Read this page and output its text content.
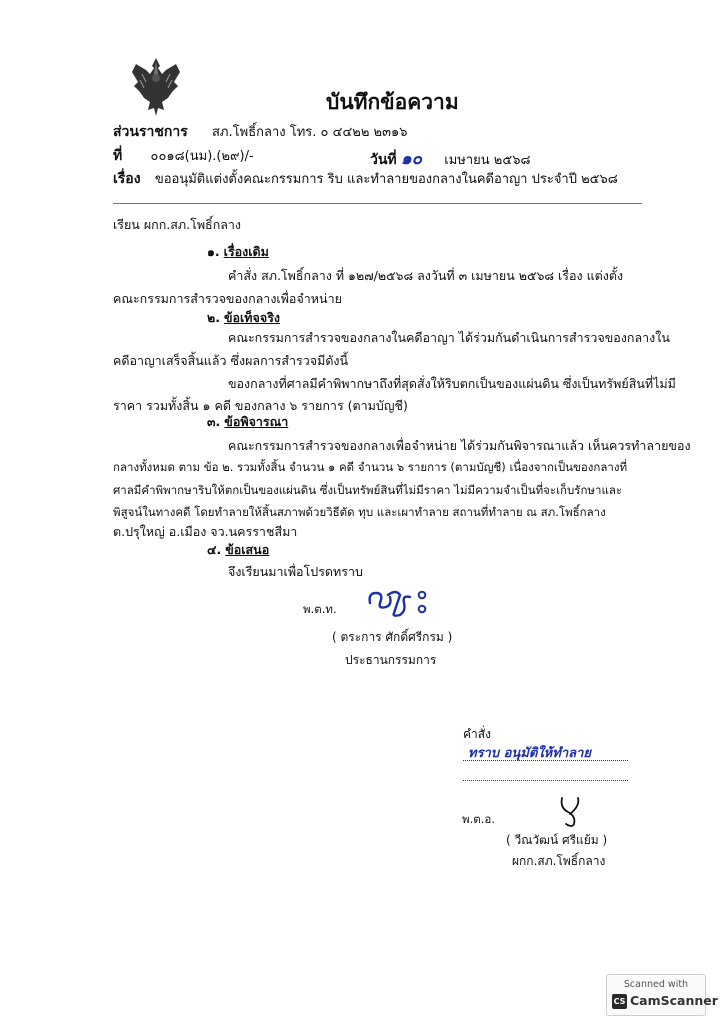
บันทึกข้อความ
ส่วนราชการ สภ.โพธิ์กลาง โทร. ๐ ๔๔๒๒ ๒๓๑๖
ที่ ๐๐๑๘(นม).(๒๙)/-	วันที่ ๑๐ เมษายน ๒๕๖๘
เรื่อง ขออนุมัติแต่งตั้งคณะกรรมการ ริบ และทำลายของกลางในคดีอาญา ประจำปี ๒๕๖๘
เรียน ผกก.สภ.โพธิ์กลาง
๑. เรื่องเดิม
คำสั่ง สภ.โพธิ์กลาง ที่ ๑๒๗/๒๕๖๘ ลงวันที่ ๓ เมษายน ๒๕๖๘ เรื่อง แต่งตั้ง
คณะกรรมการสำรวจของกลางเพื่อจำหน่าย
๒. ข้อเท็จจริง
คณะกรรมการสำรวจของกลางในคดีอาญา ได้ร่วมกันดำเนินการสำรวจของกลางใน
คดีอาญาเสร็จสิ้นแล้ว ซึ่งผลการสำรวจมีดังนี้
ของกลางที่ศาลมีคำพิพากษาถึงที่สุดสั่งให้ริบตกเป็นของแผ่นดิน ซึ่งเป็นทรัพย์สินที่ไม่มี
ราคา รวมทั้งสิ้น ๑ คดี ของกลาง ๖ รายการ (ตามบัญชี)
๓. ข้อพิจารณา
คณะกรรมการสำรวจของกลางเพื่อจำหน่าย ได้ร่วมกันพิจารณาแล้ว เห็นควรทำลายของ
กลางทั้งหมด ตาม ข้อ ๒. รวมทั้งสิ้น จำนวน ๑ คดี จำนวน ๖ รายการ (ตามบัญชี) เนื่องจากเป็นของกลางที่
ศาลมีคำพิพากษาริบให้ตกเป็นของแผ่นดิน ซึ่งเป็นทรัพย์สินที่ไม่มีราคา ไม่มีความจำเป็นที่จะเก็บรักษาและ
พิสูจน์ในทางคดี โดยทำลายให้สิ้นสภาพด้วยวิธีตัด ทุบ และเผาทำลาย สถานที่ทำลาย ณ สภ.โพธิ์กลาง
ต.ปรุใหญ่ อ.เมือง จว.นครราชสีมา
๔. ข้อเสนอ
จึงเรียนมาเพื่อโปรดทราบ
พ.ต.ท.
( ตระการ ศักดิ์ศรีกรม )
ประธานกรรมการ
คำสั่ง
ทราบ อนุมัติให้ทำลาย
พ.ต.อ.
( วีณวัฒน์ ศรีแย้ม )
ผกก.สภ.โพธิ์กลาง
Scanned with
CS CamScanner
